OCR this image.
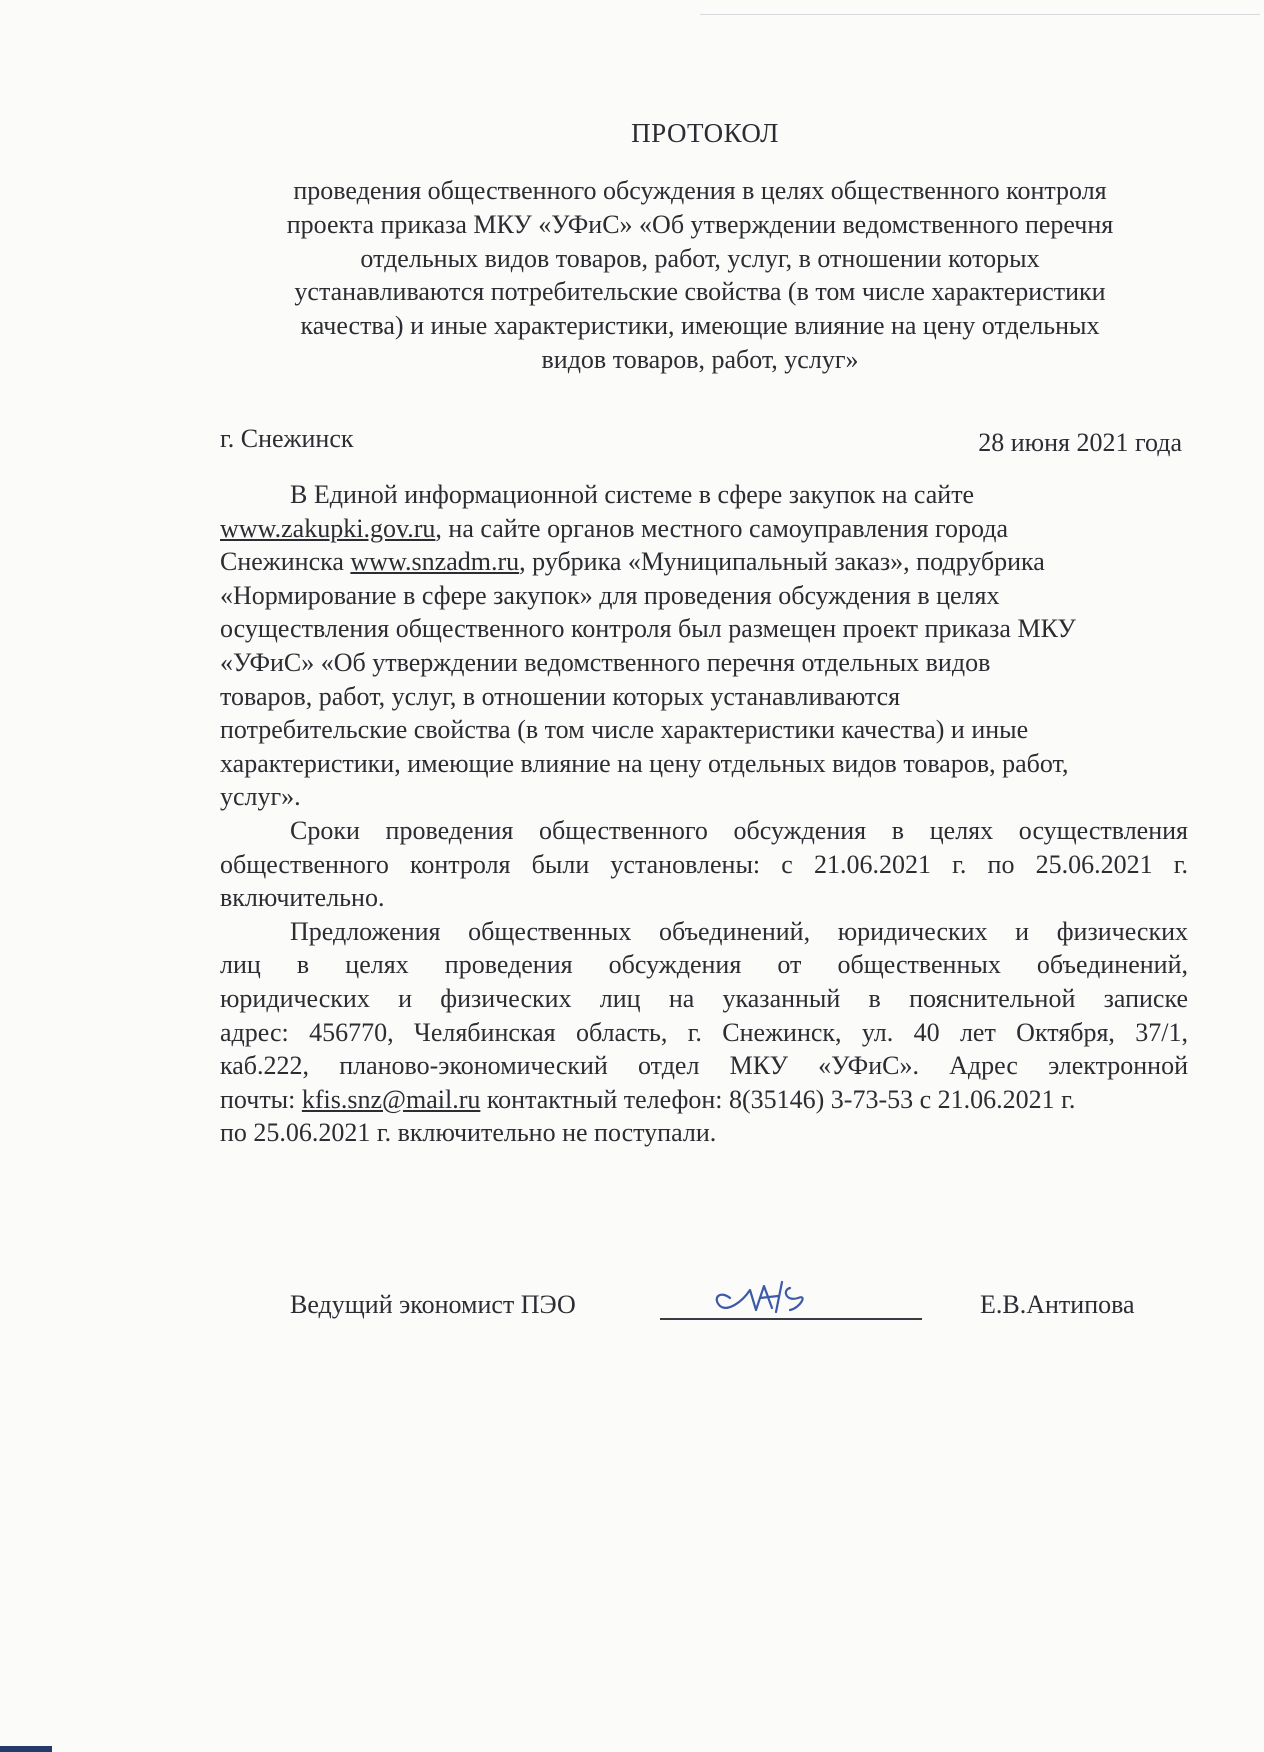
ПРОТОКОЛ
проведения общественного обсуждения в целях общественного контроля
проекта приказа МКУ «УФиС» «Об утверждении ведомственного перечня
отдельных видов товаров, работ, услуг, в отношении которых
устанавливаются потребительские свойства (в том числе характеристики
качества) и иные характеристики, имеющие влияние на цену отдельных
видов товаров, работ, услуг»
г. Снежинск	28 июня 2021 года
В Единой информационной системе в сфере закупок на сайте
www.zakupki.gov.ru, на сайте органов местного самоуправления города
Снежинска www.snzadm.ru, рубрика «Муниципальный заказ», подрубрика
«Нормирование в сфере закупок» для проведения обсуждения в целях
осуществления общественного контроля был размещен проект приказа МКУ
«УФиС» «Об утверждении ведомственного перечня отдельных видов
товаров, работ, услуг, в отношении которых устанавливаются
потребительские свойства (в том числе характеристики качества) и иные
характеристики, имеющие влияние на цену отдельных видов товаров, работ,
услуг».
Сроки проведения общественного обсуждения в целях осуществления
общественного контроля были установлены: с 21.06.2021 г. по 25.06.2021 г.
включительно.
Предложения общественных объединений, юридических и физических
лиц в целях проведения обсуждения от общественных объединений,
юридических и физических лиц на указанный в пояснительной записке
адрес: 456770, Челябинская область, г. Снежинск, ул. 40 лет Октября, 37/1,
каб.222, планово-экономический отдел МКУ «УФиС». Адрес электронной
почты: kfis.snz@mail.ru контактный телефон: 8(35146) 3-73-53 с 21.06.2021 г.
по 25.06.2021 г. включительно не поступали.
Ведущий экономист ПЭО	Е.В.Антипова
